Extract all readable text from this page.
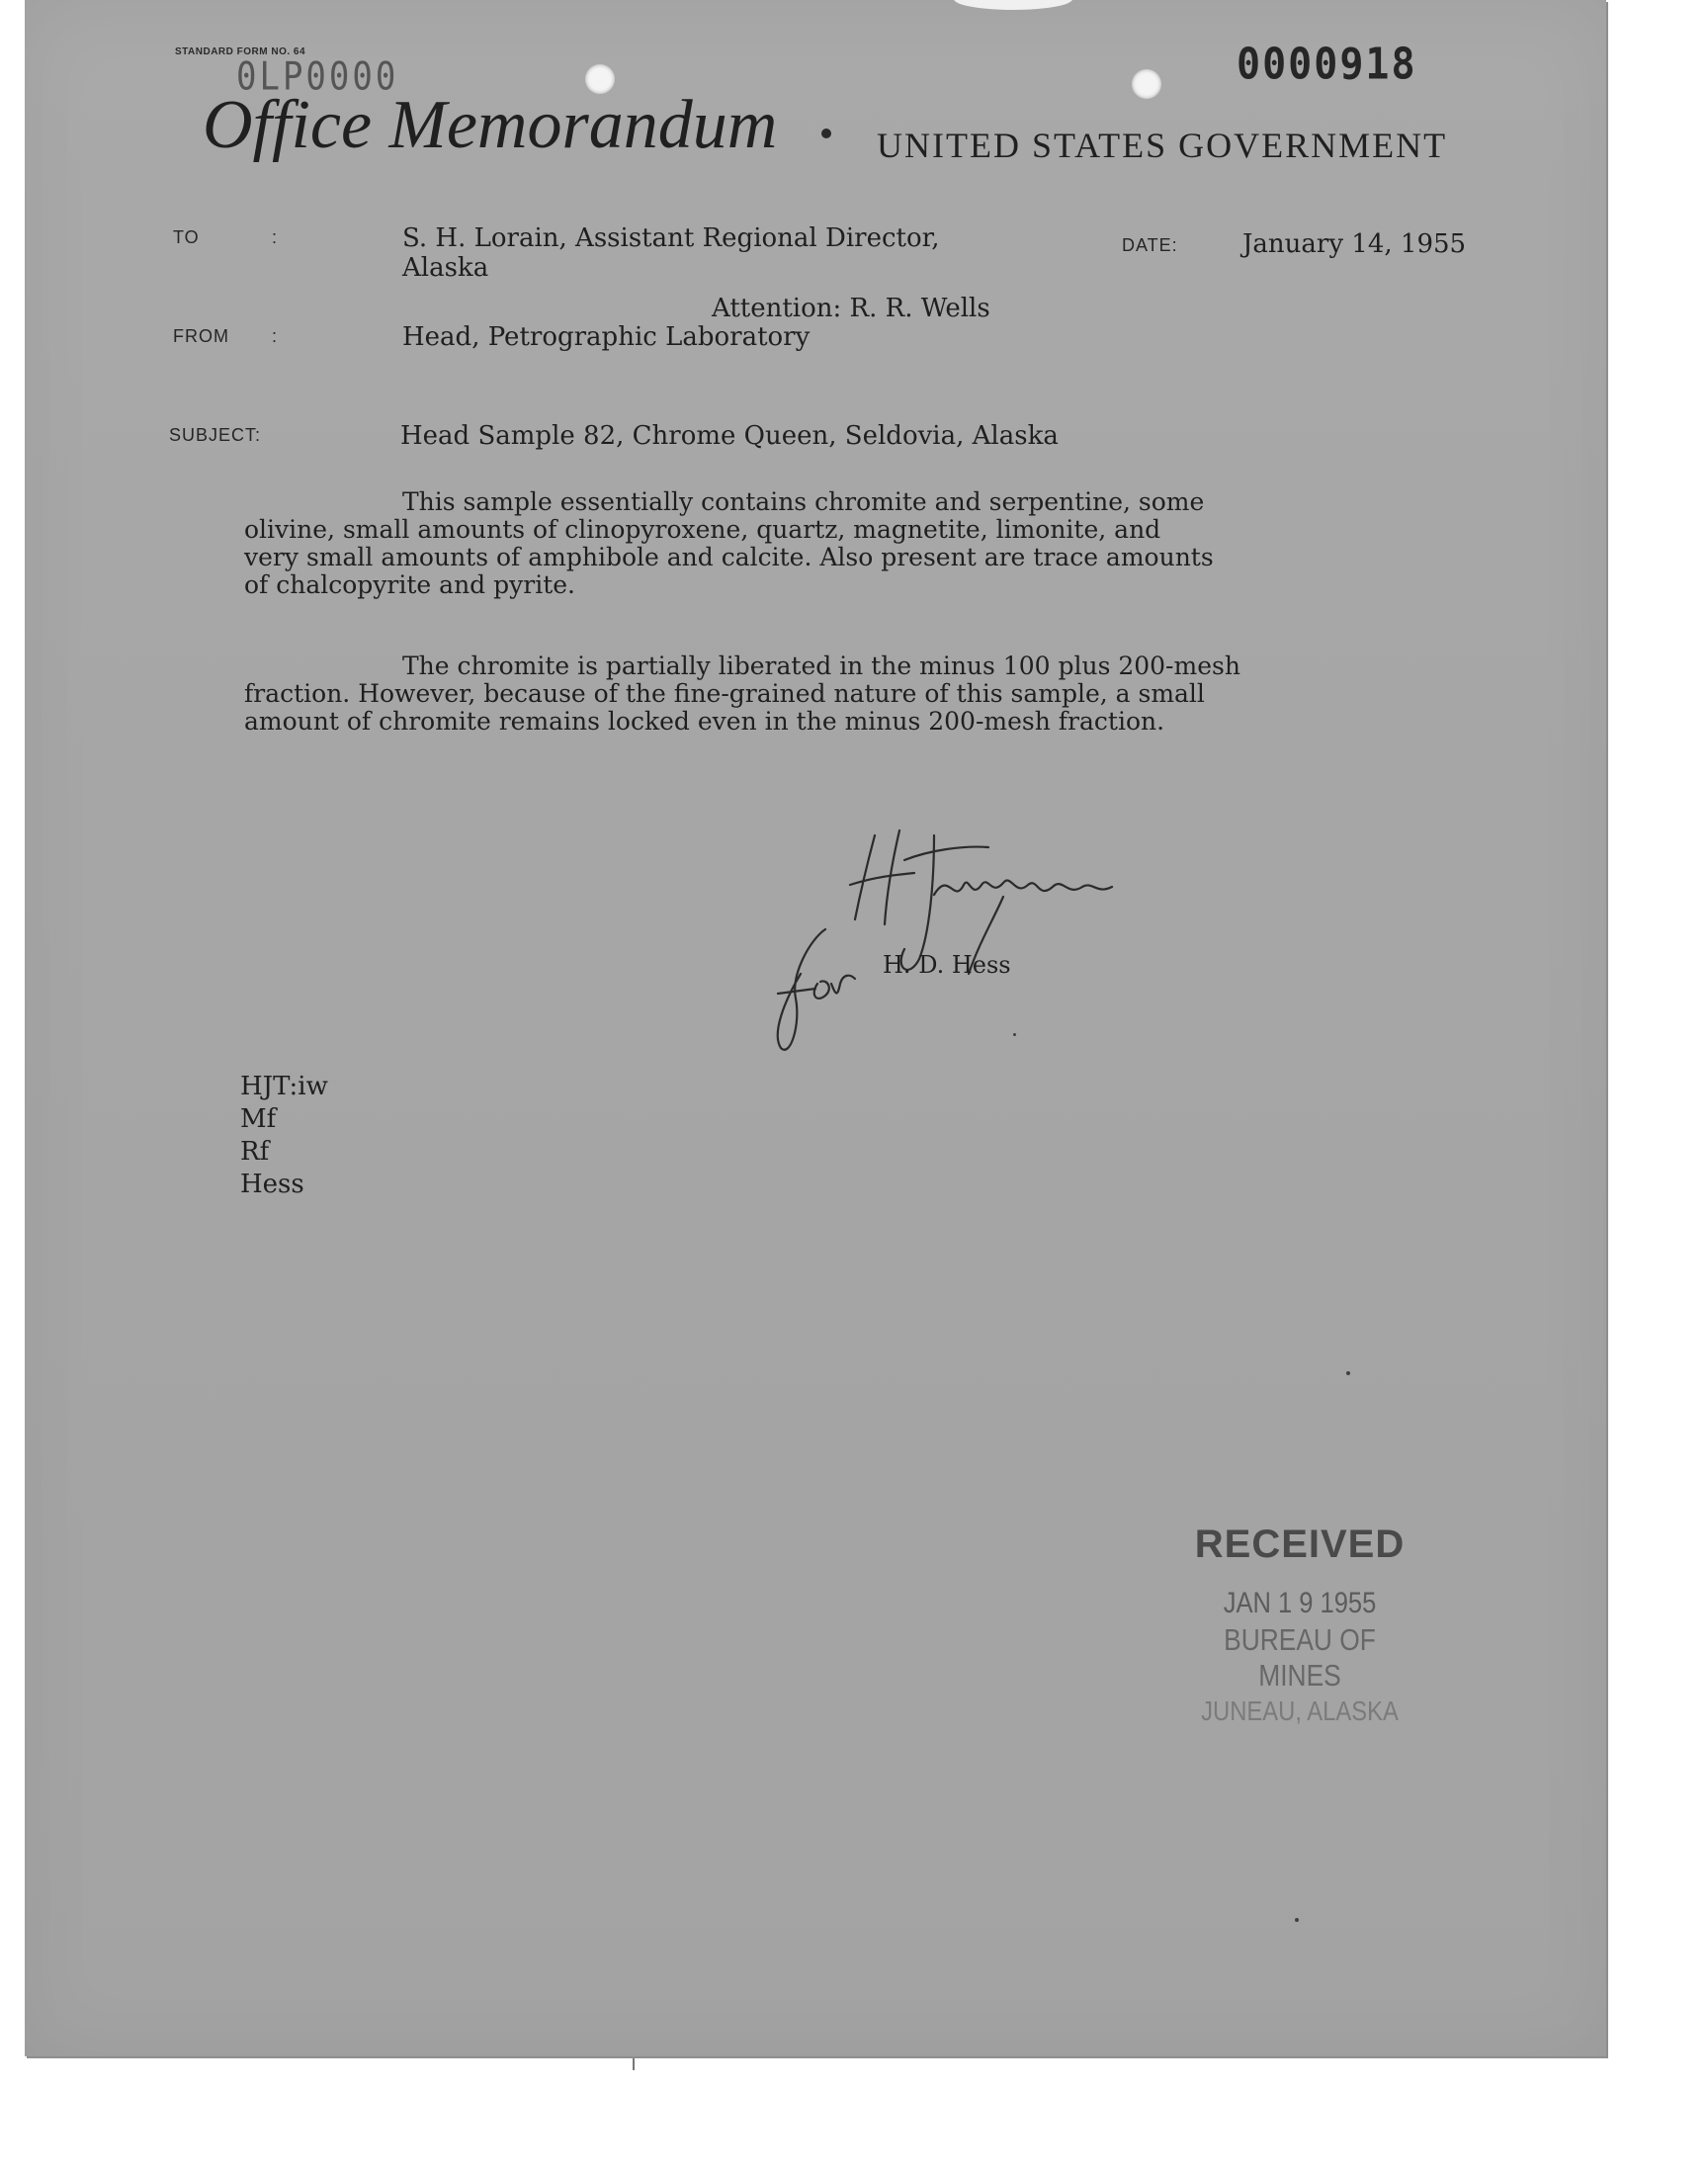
STANDARD FORM NO. 64
0LP0000	0000918
Office Memorandum	UNITED STATES GOVERNMENT
TO	:	S. H. Lorain, Assistant Regional Director,
Alaska
Attention: R. R. Wells
DATE:	January 14, 1955
FROM :	Head, Petrographic Laboratory
SUBJECT:	Head Sample 82, Chrome Queen, Seldovia, Alaska
This sample essentially contains chromite and serpentine, some
olivine, small amounts of clinopyroxene, quartz, magnetite, limonite, and
very small amounts of amphibole and calcite. Also present are trace amounts
of chalcopyrite and pyrite.
The chromite is partially liberated in the minus 100 plus 200-mesh
fraction. However, because of the fine-grained nature of this sample, a small
amount of chromite remains locked even in the minus 200-mesh fraction.
H. D. Hess
HJT:iw
Mf
Rf
Hess
RECEIVED
JAN 1 9 1955
BUREAU OF MINES
JUNEAU, ALASKA
